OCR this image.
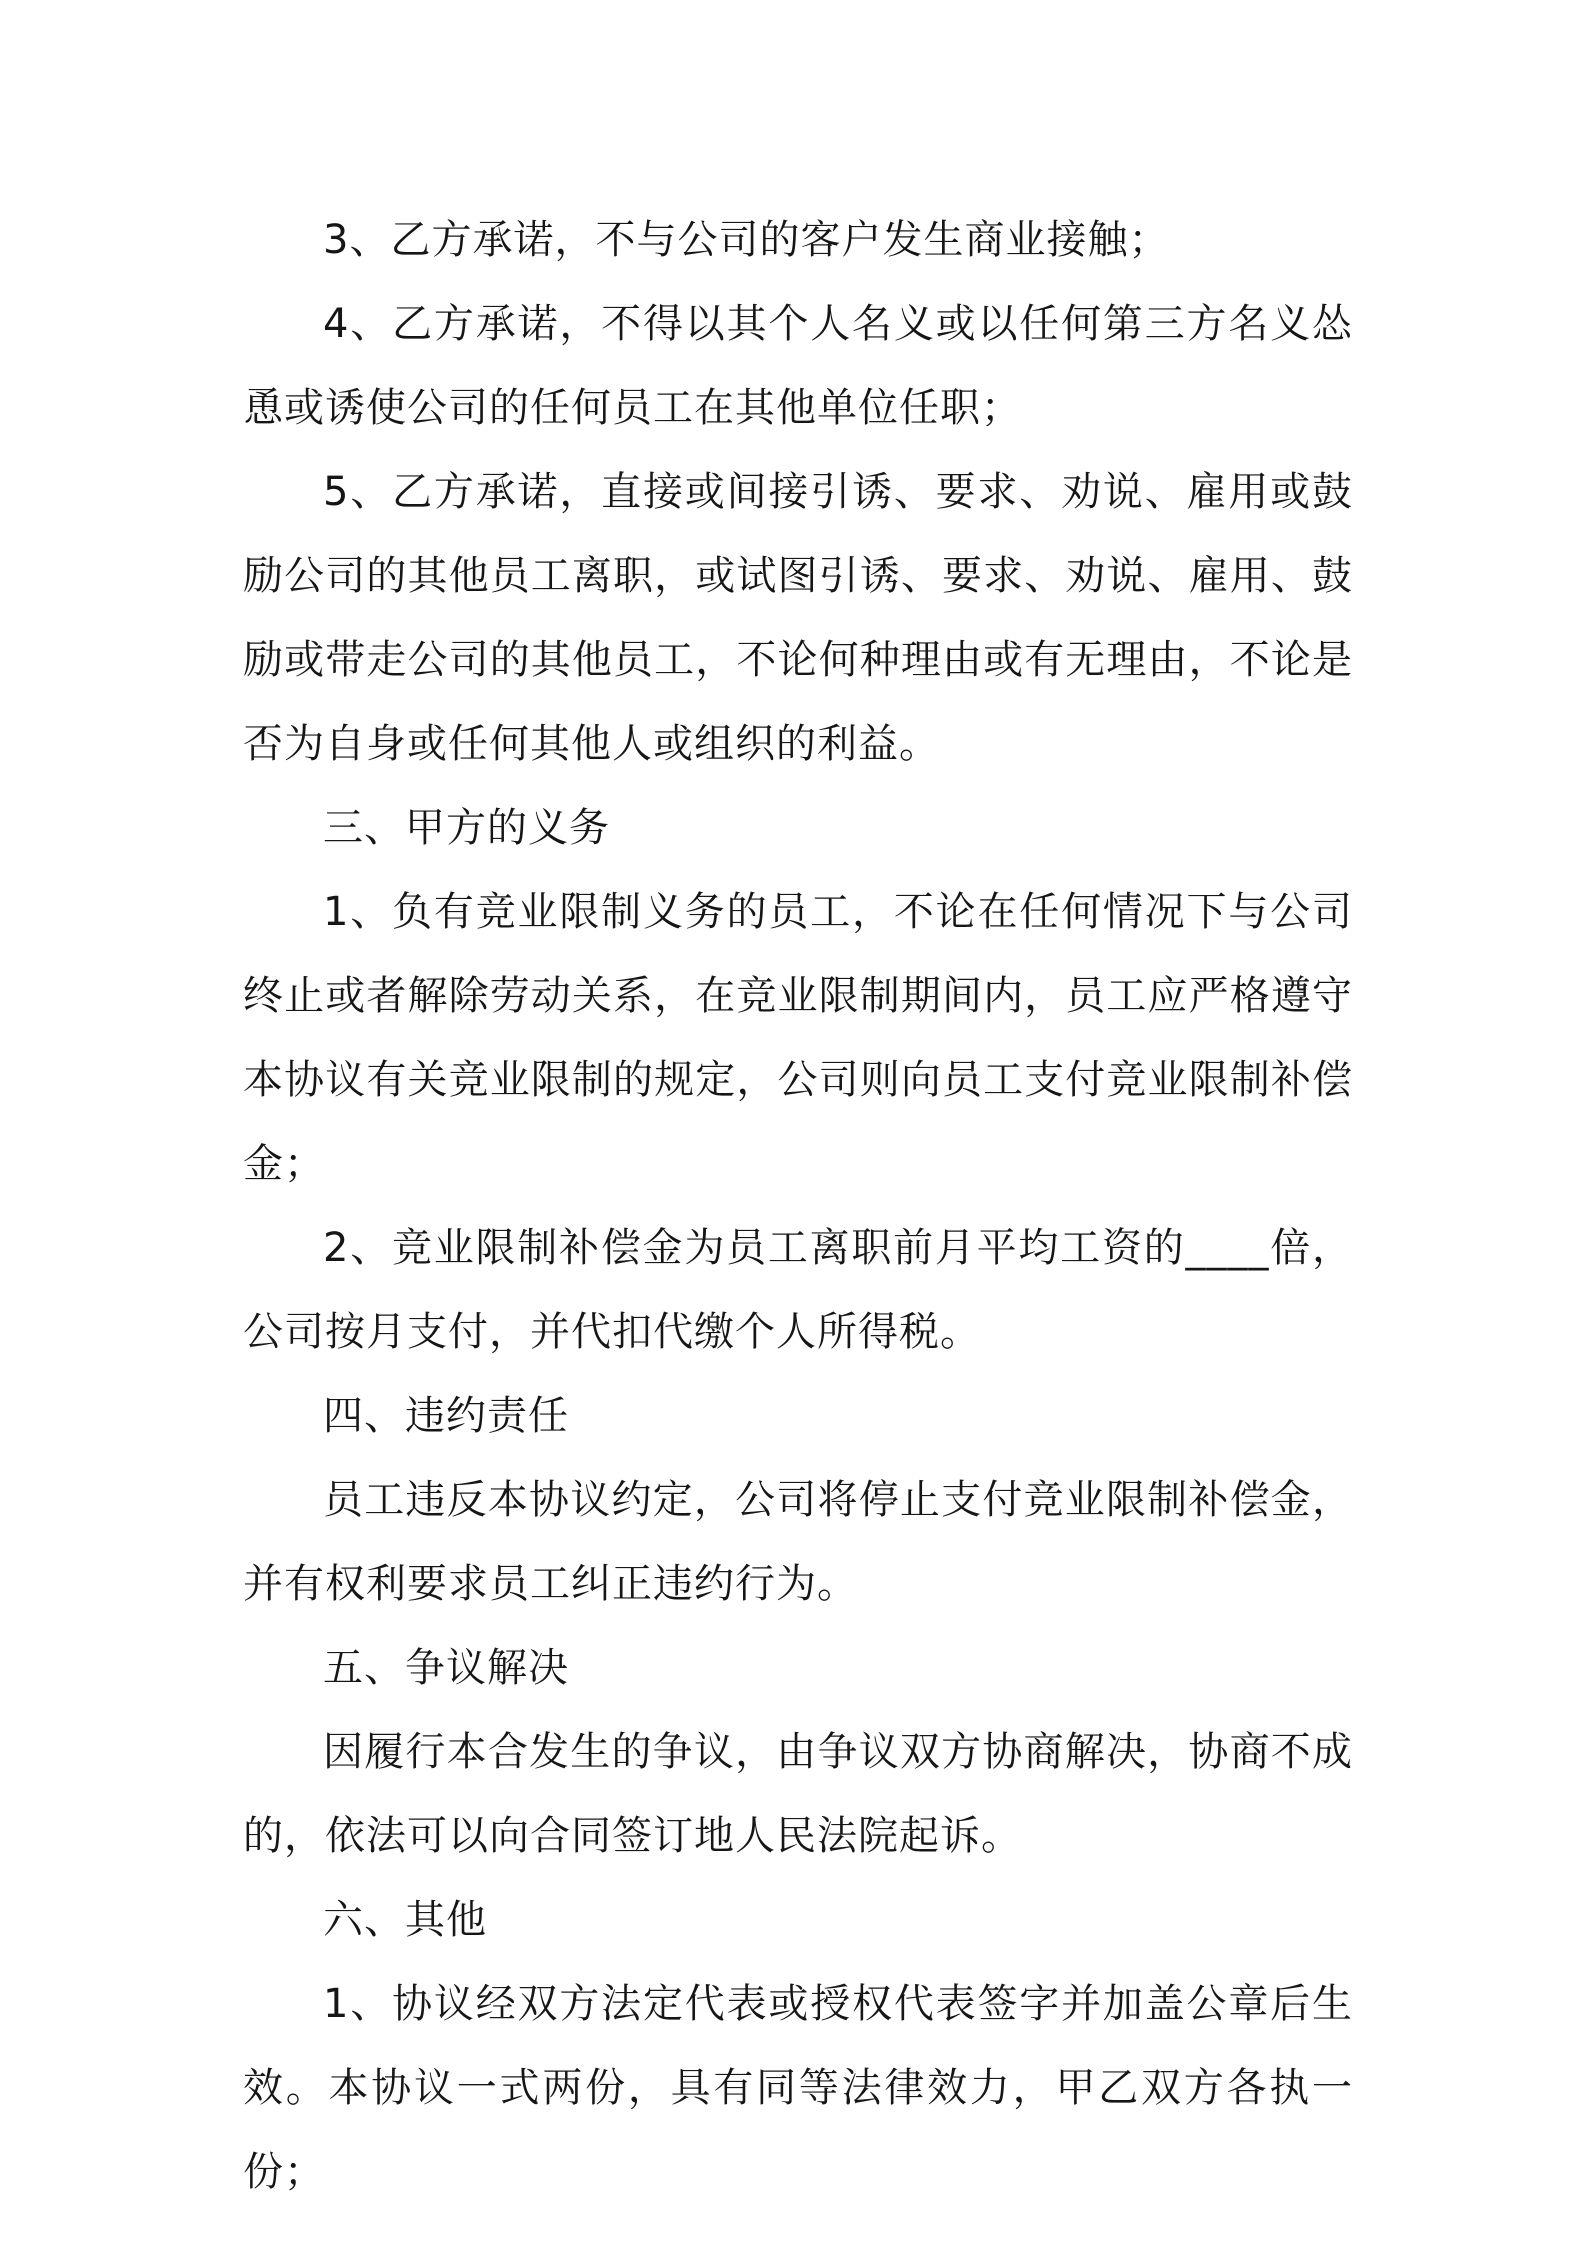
3、乙方承诺，不与公司的客户发生商业接触；

4、乙方承诺，不得以其个人名义或以任何第三方名义怂恿或诱使公司的任何员工在其他单位任职；

5、乙方承诺，直接或间接引诱、要求、劝说、雇用或鼓励公司的其他员工离职，或试图引诱、要求、劝说、雇用、鼓励或带走公司的其他员工，不论何种理由或有无理由，不论是否为自身或任何其他人或组织的利益。

三、甲方的义务

1、负有竞业限制义务的员工，不论在任何情况下与公司终止或者解除劳动关系，在竞业限制期间内，员工应严格遵守本协议有关竞业限制的规定，公司则向员工支付竞业限制补偿金；

2、竞业限制补偿金为员工离职前月平均工资的____倍，公司按月支付，并代扣代缴个人所得税。

四、违约责任

员工违反本协议约定，公司将停止支付竞业限制补偿金，并有权利要求员工纠正违约行为。

五、争议解决

因履行本合发生的争议，由争议双方协商解决，协商不成的，依法可以向合同签订地人民法院起诉。

六、其他

1、协议经双方法定代表或授权代表签字并加盖公章后生效。本协议一式两份，具有同等法律效力，甲乙双方各执一份；
